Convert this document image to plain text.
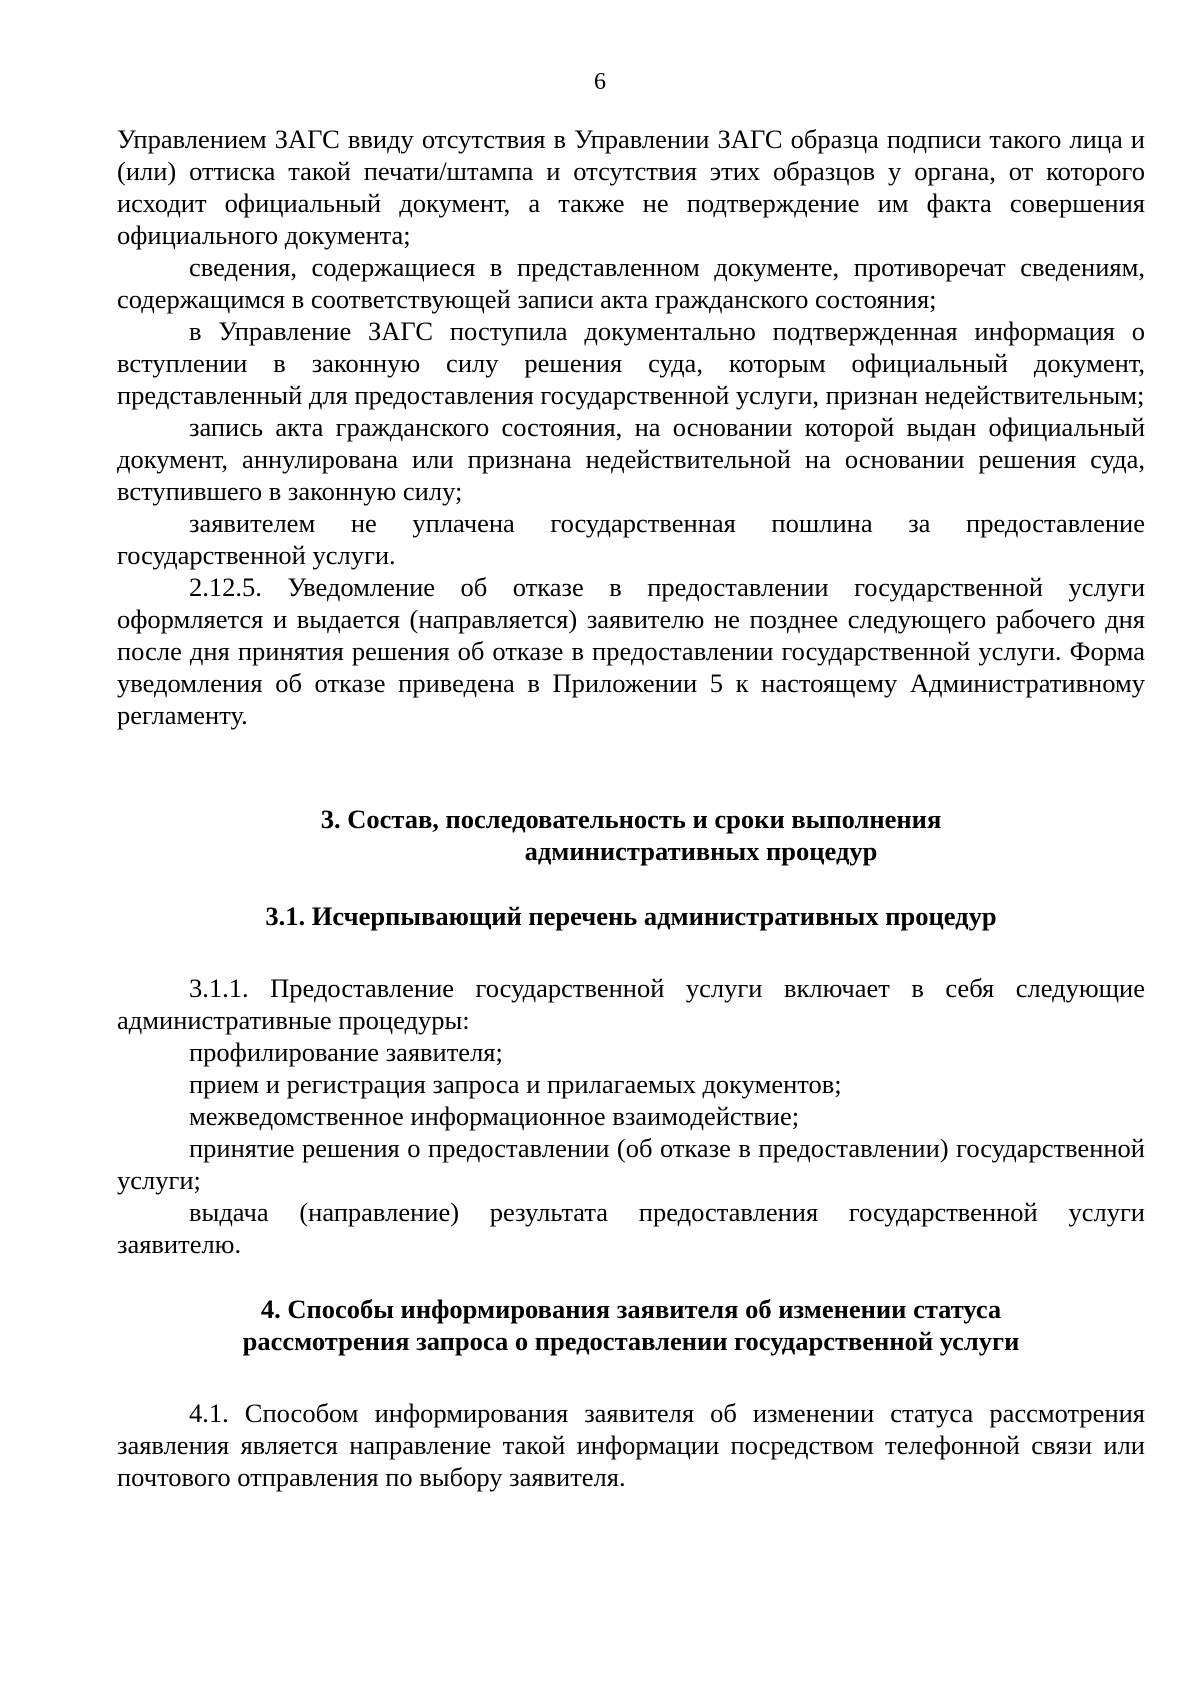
6

Управлением ЗАГС ввиду отсутствия в Управлении ЗАГС образца подписи такого лица и (или) оттиска такой печати/штампа и отсутствия этих образцов у органа, от которого исходит официальный документ, а также не подтверждение им факта совершения официального документа;

сведения, содержащиеся в представленном документе, противоречат сведениям, содержащимся в соответствующей записи акта гражданского состояния;

в Управление ЗАГС поступила документально подтвержденная информация о вступлении в законную силу решения суда, которым официальный документ, представленный для предоставления государственной услуги, признан недействительным;

запись акта гражданского состояния, на основании которой выдан официальный документ, аннулирована или признана недействительной на основании решения суда, вступившего в законную силу;

заявителем не уплачена государственная пошлина за предоставление государственной услуги.

2.12.5. Уведомление об отказе в предоставлении государственной услуги оформляется и выдается (направляется) заявителю не позднее следующего рабочего дня после дня принятия решения об отказе в предоставлении государственной услуги. Форма уведомления об отказе приведена в Приложении 5 к настоящему Административному регламенту.

3. Состав, последовательность и сроки выполнения
административных процедур
3.1. Исчерпывающий перечень административных процедур

3.1.1. Предоставление государственной услуги включает в себя следующие административные процедуры:

профилирование заявителя;

прием и регистрация запроса и прилагаемых документов;

межведомственное информационное взаимодействие;

принятие решения о предоставлении (об отказе в предоставлении) государственной услуги;

выдача (направление) результата предоставления государственной услуги заявителю.

4. Способы информирования заявителя об изменении статуса
рассмотрения запроса о предоставлении государственной услуги

4.1. Способом информирования заявителя об изменении статуса рассмотрения заявления является направление такой информации посредством телефонной связи или почтового отправления по выбору заявителя.
